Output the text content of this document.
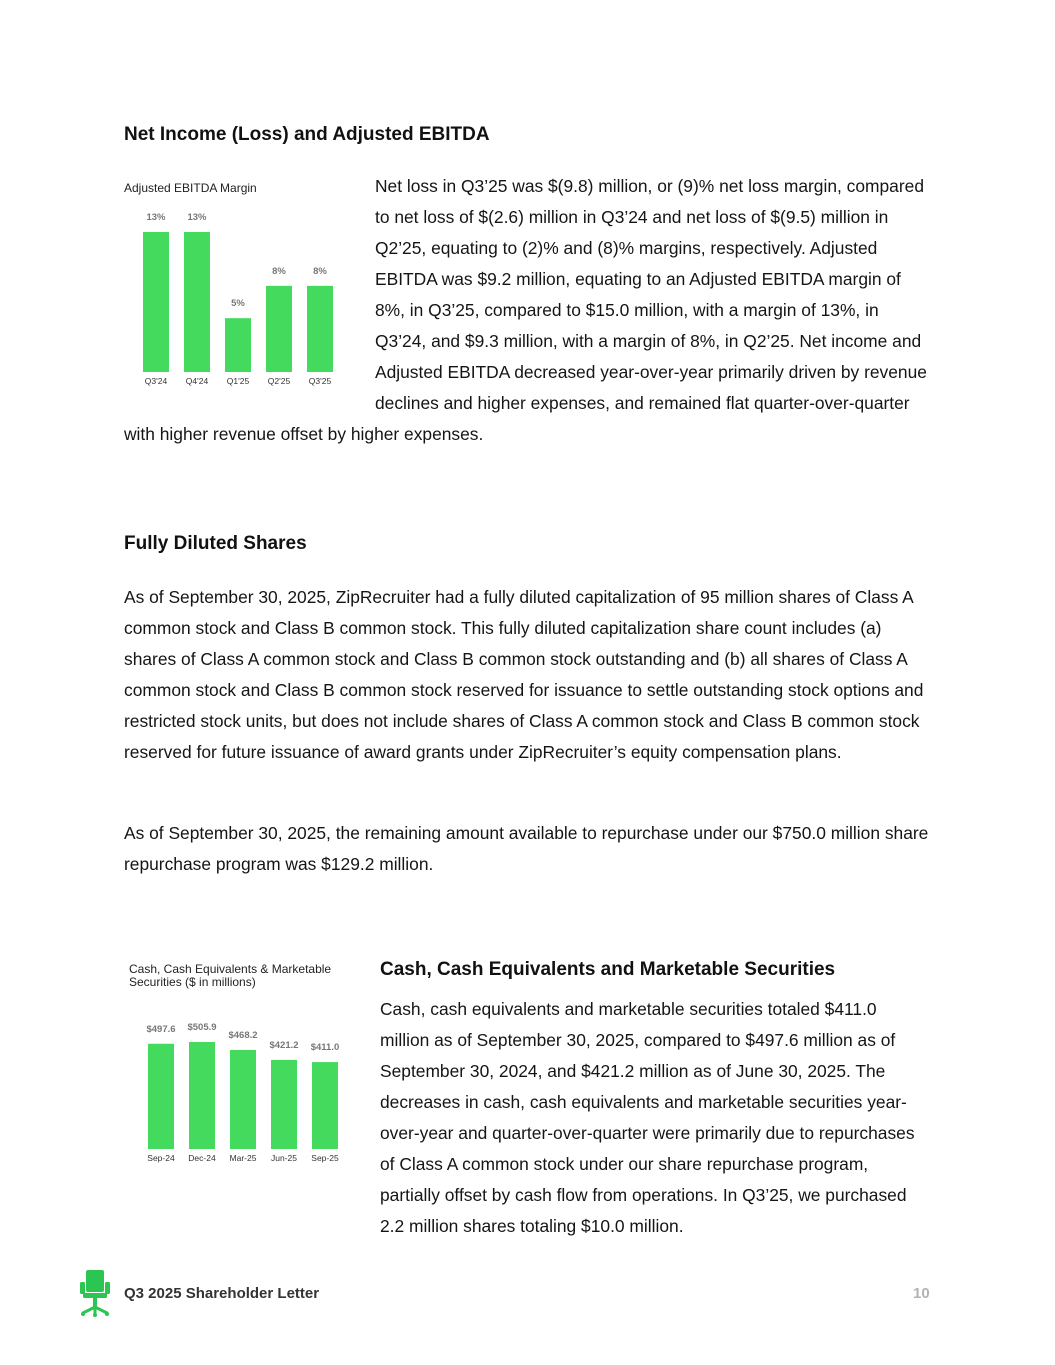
Net Income (Loss) and Adjusted EBITDA
Adjusted EBITDA Margin
13%
Q3'24
13%
Q4'24
5%
Q1'25
8%
Q2'25
8%
Q3'25

Net loss in Q3’25 was $(9.8) million, or (9)% net loss margin, compared to net loss of $(2.6) million in Q3’24 and net loss of $(9.5) million in Q2’25, equating to (2)% and (8)% margins, respectively. Adjusted EBITDA was $9.2 million, equating to an Adjusted EBITDA margin of 8%, in Q3’25, compared to $15.0 million, with a margin of 13%, in Q3’24, and $9.3 million, with a margin of 8%, in Q2’25. Net income and Adjusted EBITDA decreased year-over-year primarily driven by revenue declines and higher expenses, and remained flat quarter-over-quarter with higher revenue offset by higher expenses.

Fully Diluted Shares
As of September 30, 2025, ZipRecruiter had a fully diluted capitalization of 95 million shares of Class A common stock and Class B common stock. This fully diluted capitalization share count includes (a) shares of Class A common stock and Class B common stock outstanding and (b) all shares of Class A common stock and Class B common stock reserved for issuance to settle outstanding stock options and restricted stock units, but does not include shares of Class A common stock and Class B common stock reserved for future issuance of award grants under ZipRecruiter’s equity compensation plans.
As of September 30, 2025, the remaining amount available to repurchase under our $750.0 million share repurchase program was $129.2 million.
Cash, Cash Equivalents & Marketable
Securities ($ in millions)
$497.6
Sep-24
$505.9
Dec-24
$468.2
Mar-25
$421.2
Jun-25
$411.0
Sep-25
Cash, Cash Equivalents and Marketable Securities
Cash, cash equivalents and marketable securities totaled $411.0 million as of September 30, 2025, compared to $497.6 million as of September 30, 2024, and $421.2 million as of June 30, 2025. The decreases in cash, cash equivalents and marketable securities year-over-year and quarter-over-quarter were primarily due to repurchases of Class A common stock under our share repurchase program, partially offset by cash flow from operations. In Q3’25, we purchased 2.2 million shares totaling $10.0 million.
Q3 2025 Shareholder Letter	10
